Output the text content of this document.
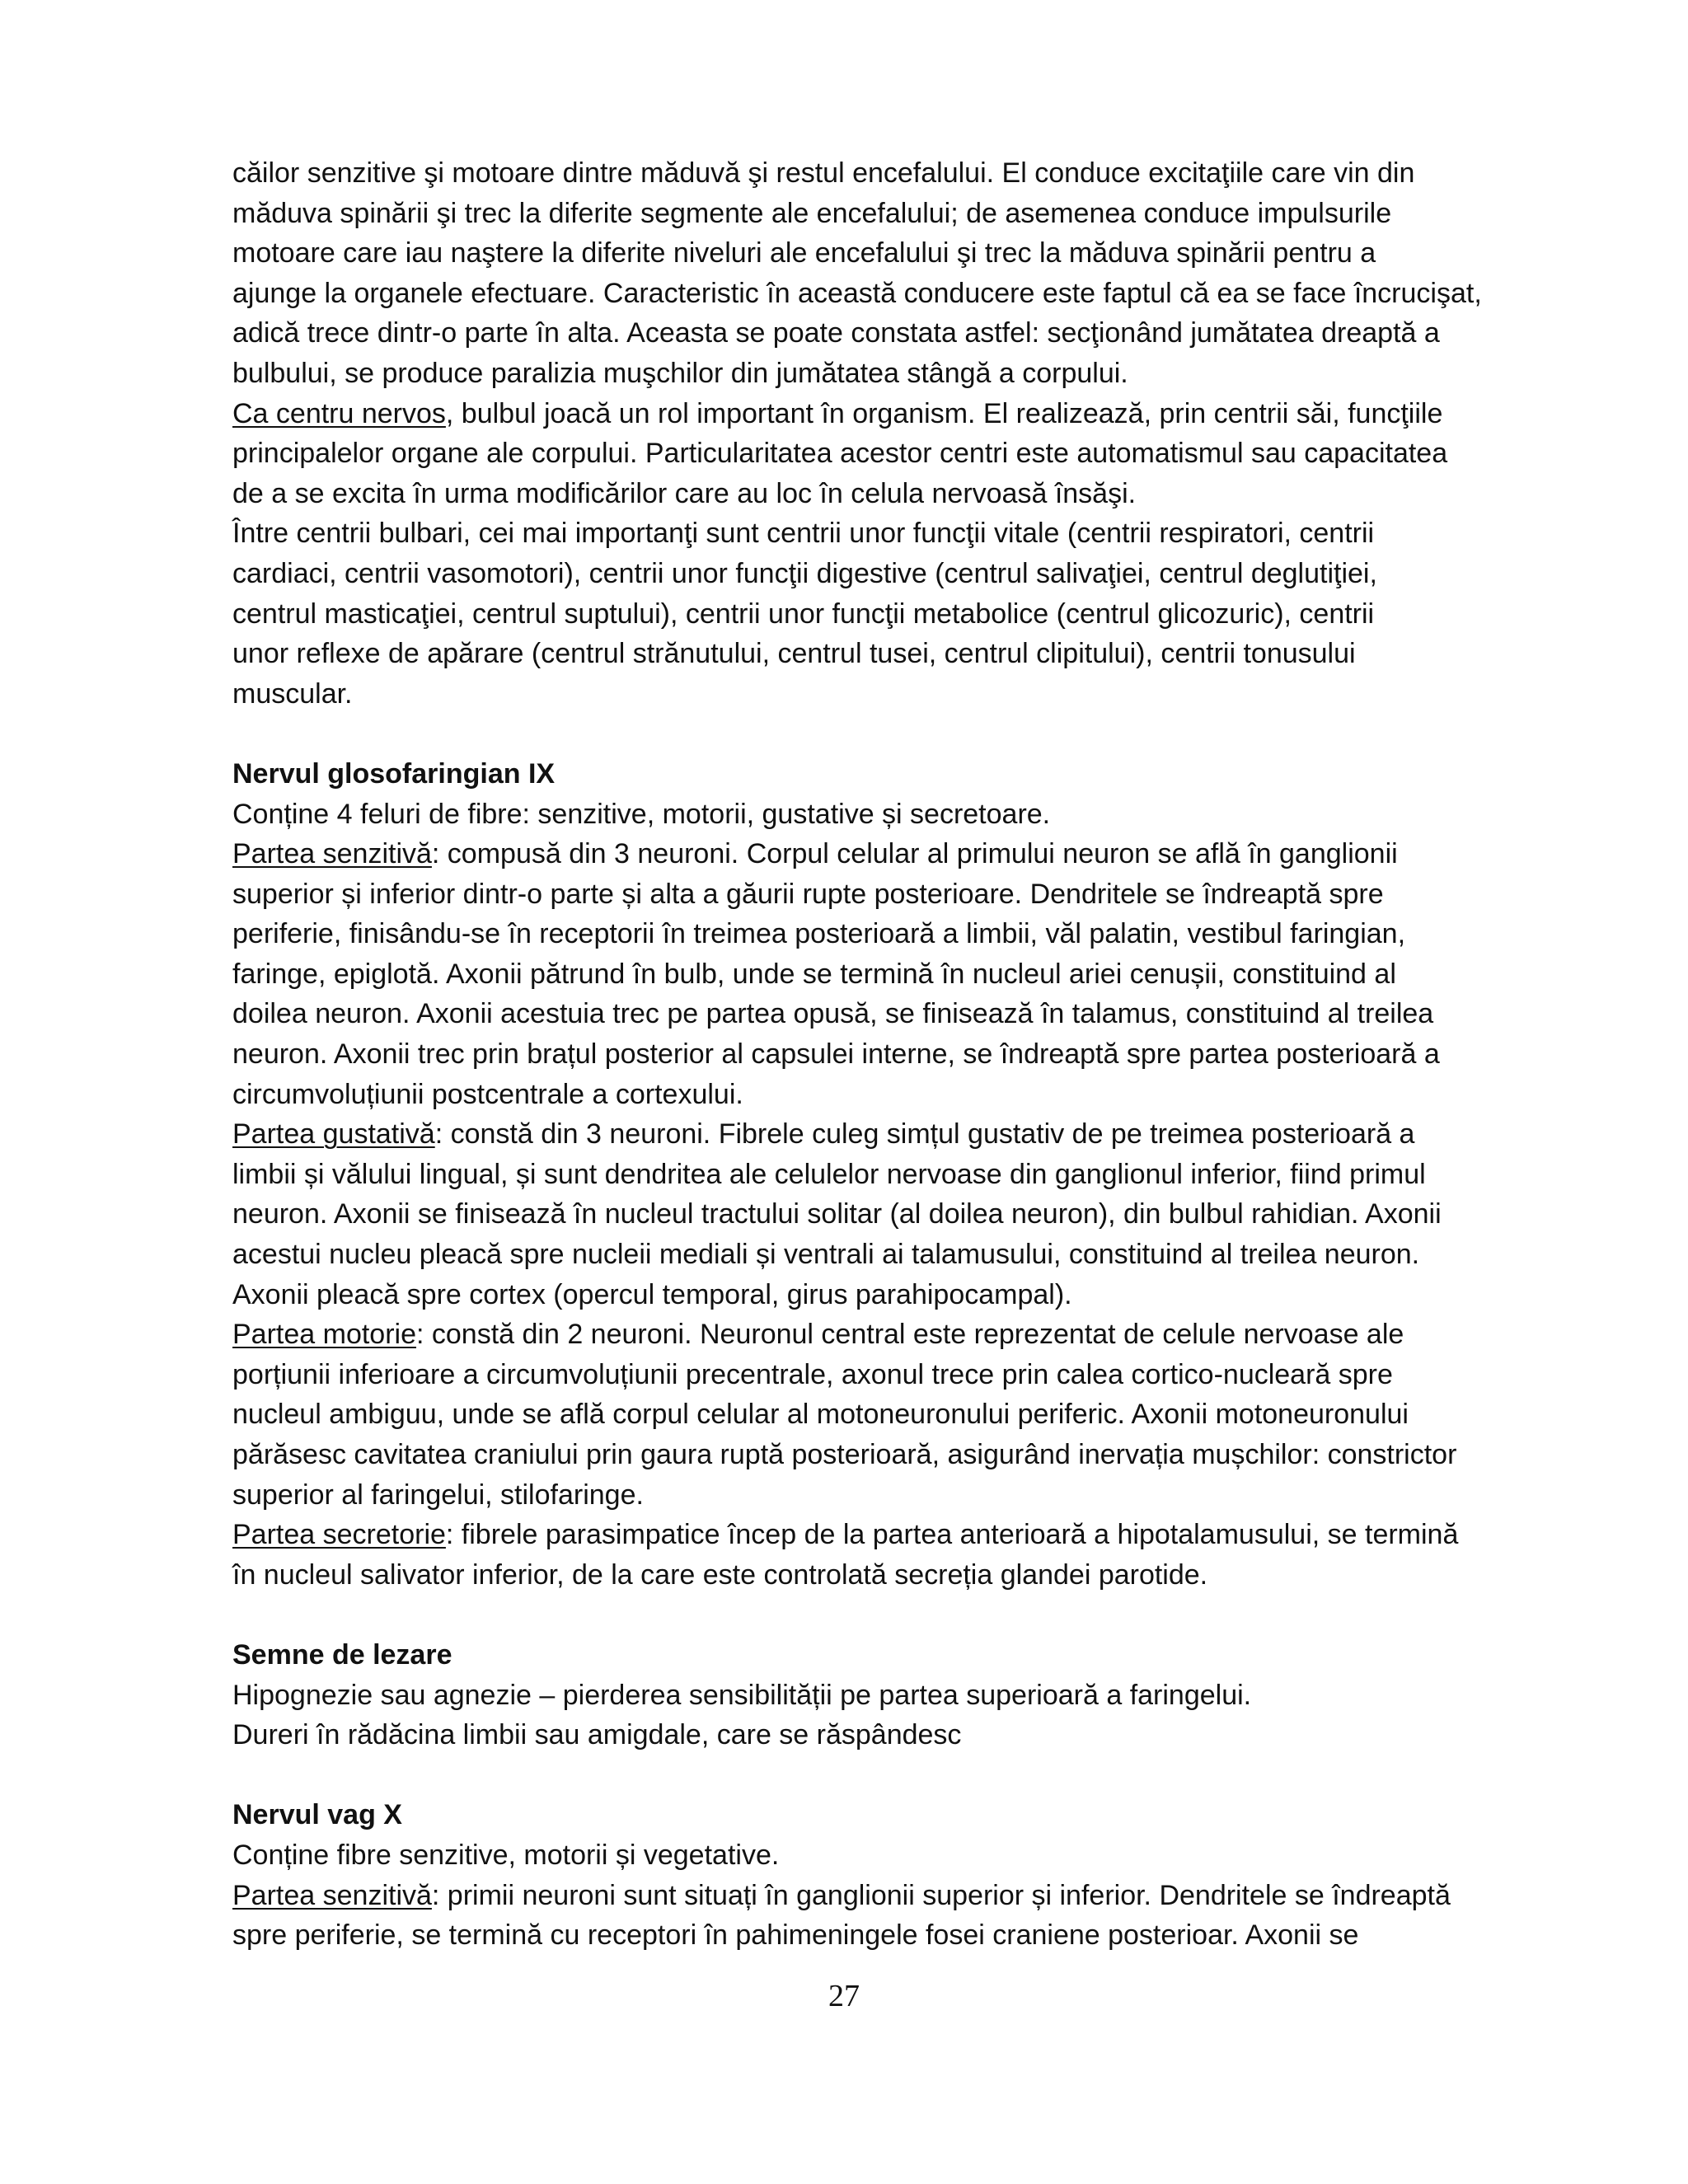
căilor senzitive şi motoare dintre măduvă şi restul encefalului. El conduce excitaţiile care vin din
măduva spinării şi trec la diferite segmente ale encefalului; de asemenea conduce impulsurile
motoare care iau naştere la diferite niveluri ale encefalului şi trec la măduva spinării pentru a
ajunge la organele efectuare. Caracteristic în această conducere este faptul că ea se face încrucişat,
adică trece dintr-o parte în alta. Aceasta se poate constata astfel: secţionând jumătatea dreaptă a
bulbului, se produce paralizia muşchilor din jumătatea stângă a corpului.
Ca centru nervos, bulbul joacă un rol important în organism. El realizează, prin centrii săi, funcţiile
principalelor organe ale corpului. Particularitatea acestor centri este automatismul sau capacitatea
de a se excita în urma modificărilor care au loc în celula nervoasă însăşi.
Între centrii bulbari, cei mai importanţi sunt centrii unor funcţii vitale (centrii respiratori, centrii
cardiaci, centrii vasomotori), centrii unor funcţii digestive (centrul salivaţiei, centrul deglutiţiei,
centrul masticaţiei, centrul suptului), centrii unor funcţii metabolice (centrul glicozuric), centrii
unor reflexe de apărare (centrul strănutului, centrul tusei, centrul clipitului), centrii tonusului
muscular.
Nervul glosofaringian IX
Conține 4 feluri de fibre: senzitive, motorii, gustative și secretoare.
Partea senzitivă: compusă din 3 neuroni. Corpul celular al primului neuron se află în ganglionii
superior și inferior dintr-o parte și alta a găurii rupte posterioare. Dendritele se îndreaptă spre
periferie, finisându-se în receptorii în treimea posterioară a limbii, văl palatin, vestibul faringian,
faringe, epiglotă. Axonii pătrund în bulb, unde se termină în nucleul ariei cenușii, constituind al
doilea neuron. Axonii acestuia trec pe partea opusă, se finisează în talamus, constituind al treilea
neuron. Axonii trec prin brațul posterior al capsulei interne, se îndreaptă spre partea posterioară a
circumvoluțiunii postcentrale a cortexului.
Partea gustativă: constă din 3 neuroni. Fibrele culeg simțul gustativ de pe treimea posterioară a
limbii și vălului lingual, și sunt dendritea ale celulelor nervoase din ganglionul inferior, fiind primul
neuron. Axonii se finisează în nucleul tractului solitar (al doilea neuron), din bulbul rahidian. Axonii
acestui nucleu pleacă spre nucleii mediali și ventrali ai talamusului, constituind al treilea neuron.
Axonii pleacă spre cortex (opercul temporal, girus parahipocampal).
Partea motorie: constă din 2 neuroni. Neuronul central este reprezentat de celule nervoase ale
porțiunii inferioare a circumvoluțiunii precentrale, axonul trece prin calea cortico-nucleară spre
nucleul ambiguu, unde se află corpul celular al motoneuronului periferic. Axonii motoneuronului
părăsesc cavitatea craniului prin gaura ruptă posterioară, asigurând inervația mușchilor: constrictor
superior al faringelui, stilofaringe.
Partea secretorie: fibrele parasimpatice încep de la partea anterioară a hipotalamusului, se termină
în nucleul salivator inferior, de la care este controlată secreția glandei parotide.
Semne de lezare
Hipognezie sau agnezie – pierderea sensibilității pe partea superioară a faringelui.
Dureri în rădăcina limbii sau amigdale, care se răspândesc
Nervul vag X
Conține fibre senzitive, motorii și vegetative.
Partea senzitivă: primii neuroni sunt situați în ganglionii superior și inferior. Dendritele se îndreaptă
spre periferie, se termină cu receptori în pahimeningele fosei craniene posterioar. Axonii se
27
